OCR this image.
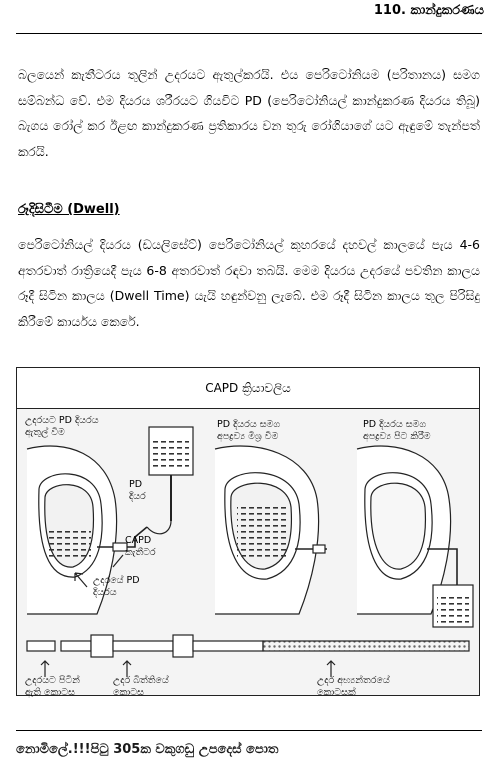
110. කාන්දුකරණය
බලයෙන් කැතීටරය තුලින් උදරයට ඇතුල්කරයි. එය පෙරිටෝනියම (පරිතානය) සමග සම්බන්ධ වේ. එම දියරය ශරීරයට ගියවිට PD (පෙරිටෝනියල් කාන්දුකරණ දියරය තිබූ) බැගය රෝල් කර ඊළඟ කාන්දුකරණ ප්‍රතිකාරය වන තුරු රෝගියාගේ යට ඇඳුමේ තැන්පත් කරයි.
රූදිසිටීම (Dwell)
පෙරිටෝනියල් දියරය (ඩයලිසේට්) පෙරිටෝනියල් කුහරයේ දහවල් කාලයේ පැය 4-6 අතරවාත් රාත්‍රියෙදී පැය 6-8 අතරවාත් රඳවා තබයි. මෙම දියරය උදරයේ පවතින කාලය රූදී සිටින කාලය (Dwell Time) යැයි හඳුන්වනු ලැබේ. එම රූදී සිටින කාලය තුල පිරිසිදු කිරීමේ කාර්යය කෙරේ.
CAPD ක්‍රියාවලිය
උදරයට PD දියරය
ඇතුල් වීම
PD
දියර
CAPD
කැතීටර
උදරයේ PD
දියරය
PD දියරය සමග
අපද්‍රව්‍ය මිශ්‍ර වීම
PD දියරය සමග
අපද්‍රව්‍ය පිට කිරීම
උදරයට පිටින්
ඇති කොටස
උදර බිත්තියේ
කොටස
උදර අභ්‍යන්තරයේ
කොටසක්
නොමිලේ.!!!පිටු 305ක වකුගඩු උපදෙස් පොත
